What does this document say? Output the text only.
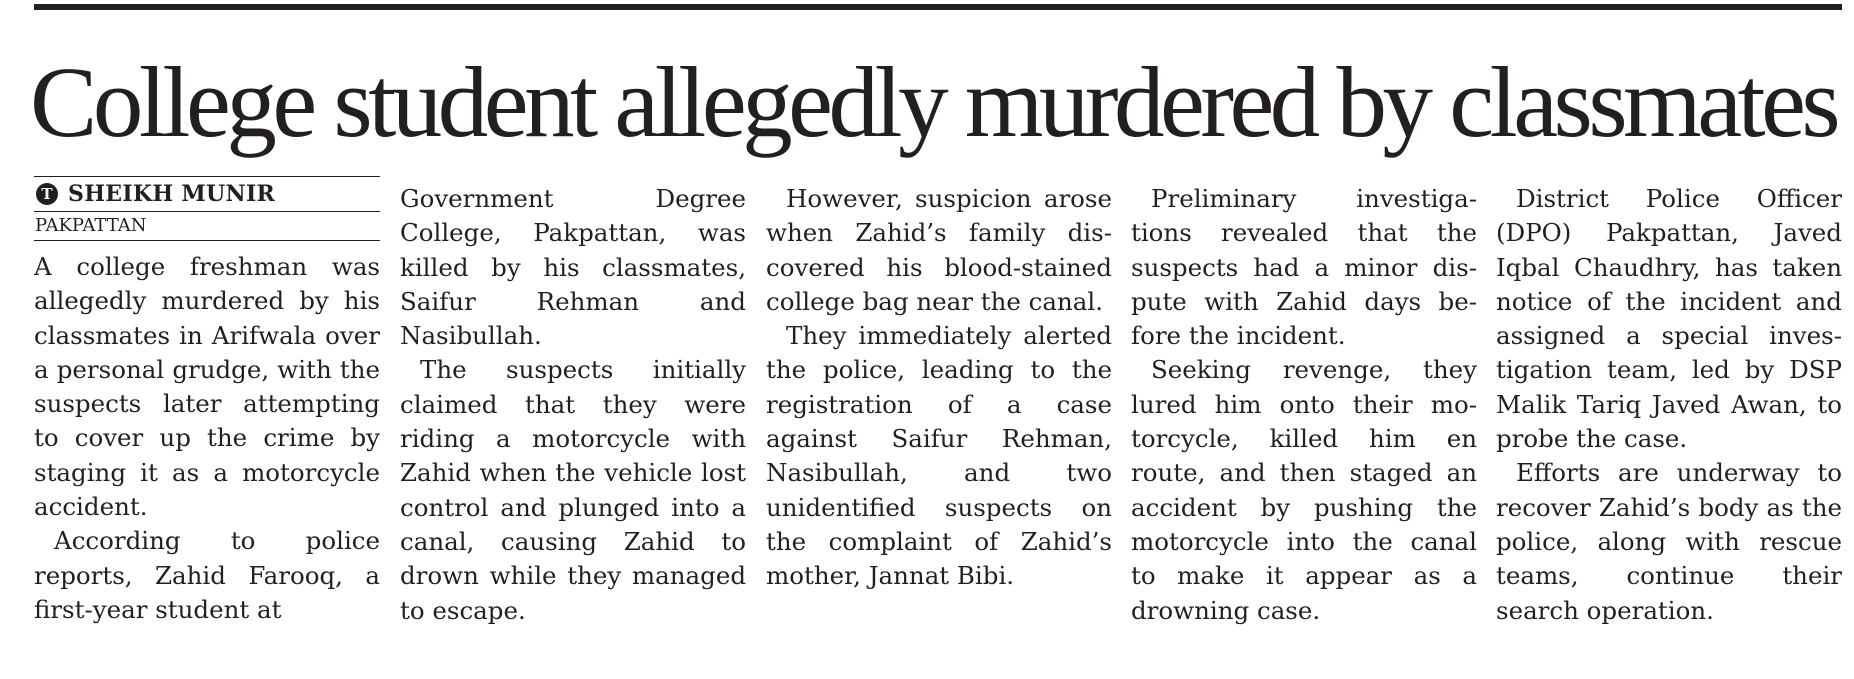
College student allegedly murdered by classmates
T SHEIKH MUNIR
PAKPATTAN

A college freshman was allegedly murdered by his classmates in Arifwala over a personal grudge, with the suspects later attempting to cover up the crime by staging it as a motorcycle accident.

According to police reports, Zahid Farooq, a first-year student at

Government Degree College, Pakpattan, was killed by his classmates, Saifur Rehman and Nasibullah.

The suspects initially claimed that they were riding a motorcycle with Zahid when the vehicle lost control and plunged into a canal, causing Zahid to drown while they managed to escape.

However, suspicion arose when Zahid’s family discovered his blood-stained college bag near the canal.

They immediately alerted the police, leading to the registration of a case against Saifur Rehman, Nasibullah, and two unidentified suspects on the complaint of Zahid’s mother, Jannat Bibi.

Preliminary investigations revealed that the suspects had a minor dispute with Zahid days before the incident.

Seeking revenge, they lured him onto their motorcycle, killed him en route, and then staged an accident by pushing the motorcycle into the canal to make it appear as a drowning case.

District Police Officer (DPO) Pakpattan, Javed Iqbal Chaudhry, has taken notice of the incident and assigned a special investigation team, led by DSP Malik Tariq Javed Awan, to probe the case.

Efforts are underway to recover Zahid’s body as the police, along with rescue teams, continue their search operation.
